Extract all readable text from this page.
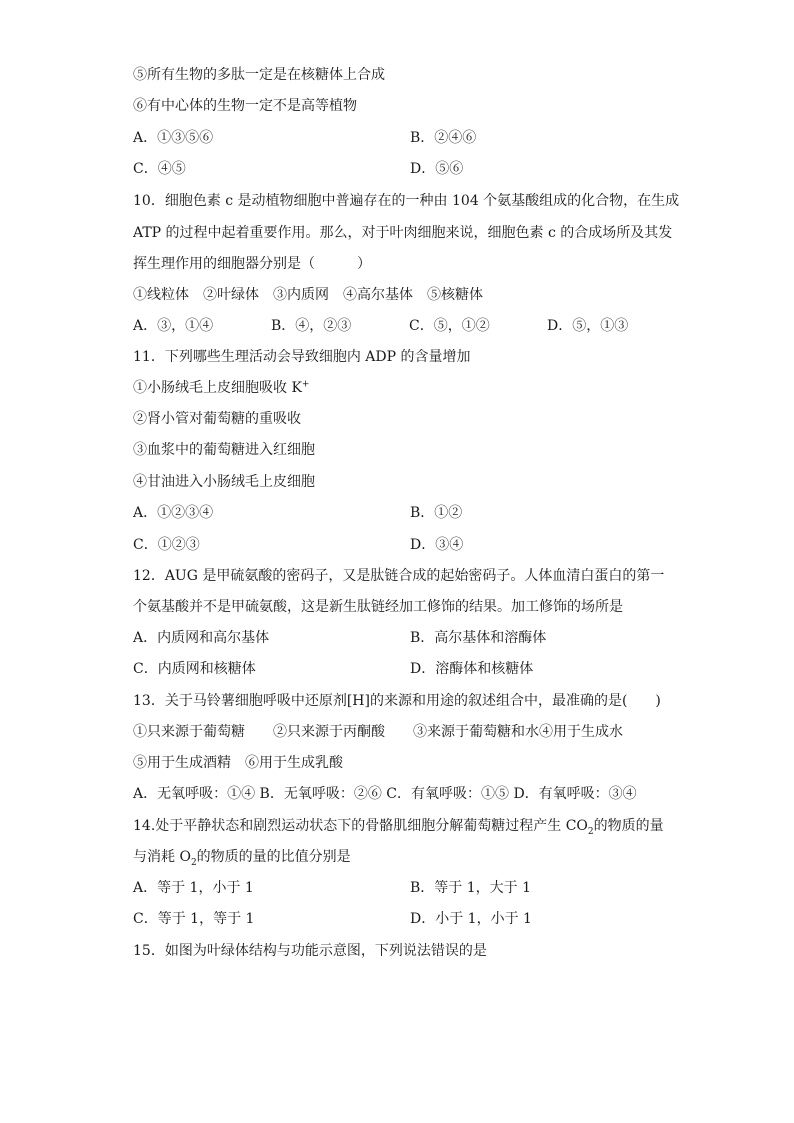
⑤所有生物的多肽一定是在核糖体上合成
⑥有中心体的生物一定不是高等植物
A．①③⑤⑥	B．②④⑥
C．④⑤	D．⑤⑥
10．细胞色素 c 是动植物细胞中普遍存在的一种由 104 个氨基酸组成的化合物，在生成
ATP 的过程中起着重要作用。那么，对于叶肉细胞来说，细胞色素 c 的合成场所及其发
挥生理作用的细胞器分别是（　　　）
①线粒体　②叶绿体　③内质网　④高尔基体　⑤核糖体
A．③，①④	B．④，②③	C．⑤，①②	D．⑤，①③
11．下列哪些生理活动会导致细胞内 ADP 的含量增加
①小肠绒毛上皮细胞吸收 K+
②肾小管对葡萄糖的重吸收
③血浆中的葡萄糖进入红细胞
④甘油进入小肠绒毛上皮细胞
A．①②③④	B．①②
C．①②③	D．③④
12．AUG 是甲硫氨酸的密码子，又是肽链合成的起始密码子。人体血清白蛋白的第一
个氨基酸并不是甲硫氨酸，这是新生肽链经加工修饰的结果。加工修饰的场所是
A．内质网和高尔基体	B．高尔基体和溶酶体
C．内质网和核糖体	D．溶酶体和核糖体
13．关于马铃薯细胞呼吸中还原剂[H]的来源和用途的叙述组合中，最准确的是(　　)
①只来源于葡萄糖　　②只来源于丙酮酸　　③来源于葡萄糖和水④用于生成水
⑤用于生成酒精　⑥用于生成乳酸
A．无氧呼吸：①④ B．无氧呼吸：②⑥ C．有氧呼吸：①⑤ D．有氧呼吸：③④
14.处于平静状态和剧烈运动状态下的骨骼肌细胞分解葡萄糖过程产生 $CO_2$的物质的量
与消耗 $O_2$的物质的量的比值分别是
A．等于 1，小于 1	B．等于 1，大于 1
C．等于 1，等于 1	D．小于 1，小于 1
15．如图为叶绿体结构与功能示意图，下列说法错误的是
